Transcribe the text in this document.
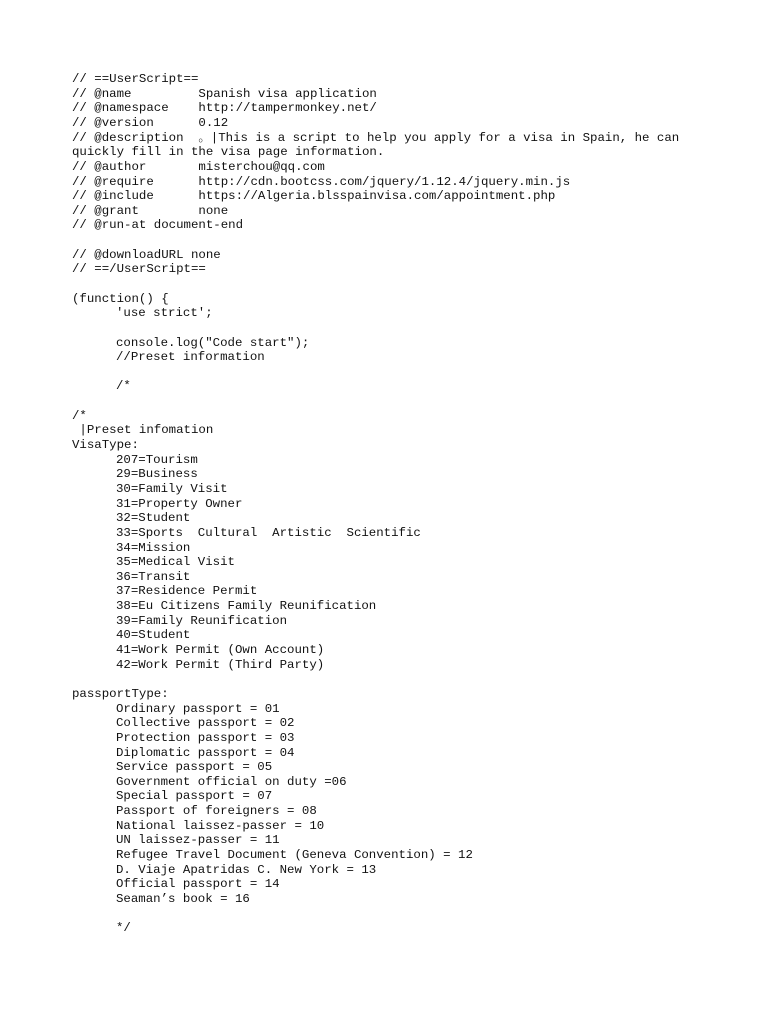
// ==UserScript==
// @name         Spanish visa application
// @namespace    http://tampermonkey.net/
// @version      0.12
// @description  。|This is a script to help you apply for a visa in Spain, he can quickly fill in the visa page information.
// @author       misterchou@qq.com
// @require      http://cdn.bootcss.com/jquery/1.12.4/jquery.min.js
// @include      https://Algeria.blsspainvisa.com/appointment.php
// @grant        none
// @run-at document-end
// @downloadURL none
// ==/UserScript==
(function() {
'use strict';
console.log("Code start");
//Preset information
/*
/*
|Preset infomation
VisaType:
207=Tourism
29=Business
30=Family Visit
31=Property Owner
32=Student
33=Sports  Cultural  Artistic  Scientific
34=Mission
35=Medical Visit
36=Transit
37=Residence Permit
38=Eu Citizens Family Reunification
39=Family Reunification
40=Student
41=Work Permit (Own Account)
42=Work Permit (Third Party)
passportType:
Ordinary passport = 01
Collective passport = 02
Protection passport = 03
Diplomatic passport = 04
Service passport = 05
Government official on duty =06
Special passport = 07
Passport of foreigners = 08
National laissez-passer = 10
UN laissez-passer = 11
Refugee Travel Document (Geneva Convention) = 12
D. Viaje Apatridas C. New York = 13
Official passport = 14
Seaman’s book = 16
*/
